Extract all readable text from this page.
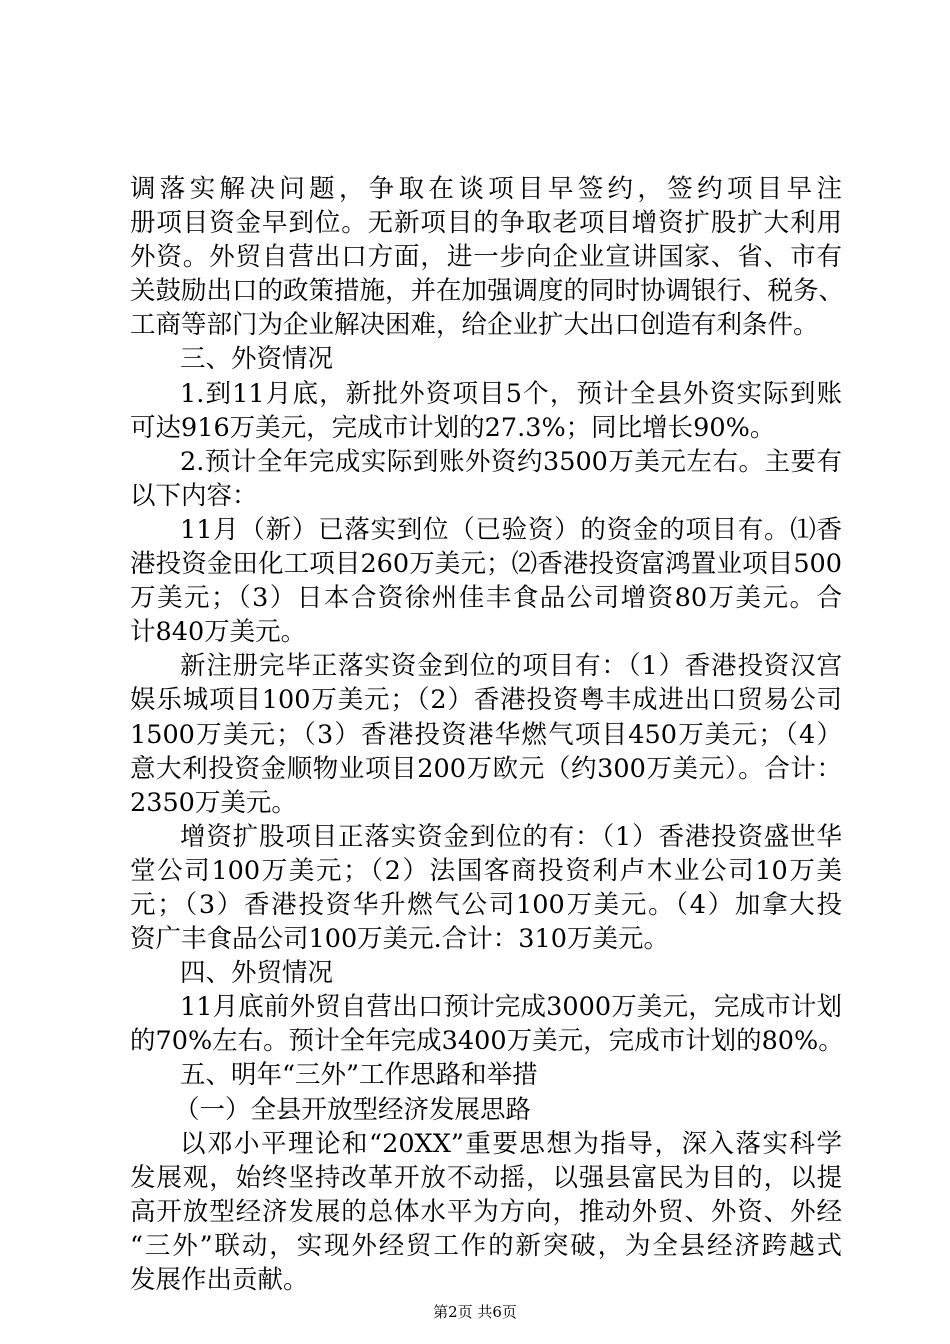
调落实解决问题，争取在谈项目早签约，签约项目早注
册项目资金早到位。无新项目的争取老项目增资扩股扩大利用
外资。外贸自营出口方面，进一步向企业宣讲国家、省、市有
关鼓励出口的政策措施，并在加强调度的同时协调银行、税务、
工商等部门为企业解决困难，给企业扩大出口创造有利条件。
三、外资情况
1.到11月底，新批外资项目5个，预计全县外资实际到账
可达916万美元，完成市计划的27.3%；同比增长90%。
2.预计全年完成实际到账外资约3500万美元左右。主要有
以下内容：
11月（新）已落实到位（已验资）的资金的项目有。⑴香
港投资金田化工项目260万美元；⑵香港投资富鸿置业项目500
万美元；（3）日本合资徐州佳丰食品公司增资80万美元。合
计840万美元。
新注册完毕正落实资金到位的项目有：（1）香港投资汉宫
娱乐城项目100万美元；（2）香港投资粤丰成进出口贸易公司
1500万美元；（3）香港投资港华燃气项目450万美元；（4）
意大利投资金顺物业项目200万欧元（约300万美元）。合计：
2350万美元。
增资扩股项目正落实资金到位的有：（1）香港投资盛世华
堂公司100万美元；（2）法国客商投资利卢木业公司10万美
元；（3）香港投资华升燃气公司100万美元。（4）加拿大投
资广丰食品公司100万美元.合计：310万美元。
四、外贸情况
11月底前外贸自营出口预计完成3000万美元，完成市计划
的70%左右。预计全年完成3400万美元，完成市计划的80%。
五、明年“三外”工作思路和举措
（一）全县开放型经济发展思路
以邓小平理论和“20XX”重要思想为指导，深入落实科学
发展观，始终坚持改革开放不动摇，以强县富民为目的，以提
高开放型经济发展的总体水平为方向，推动外贸、外资、外经
“三外”联动，实现外经贸工作的新突破，为全县经济跨越式
发展作出贡献。
第2页 共6页
